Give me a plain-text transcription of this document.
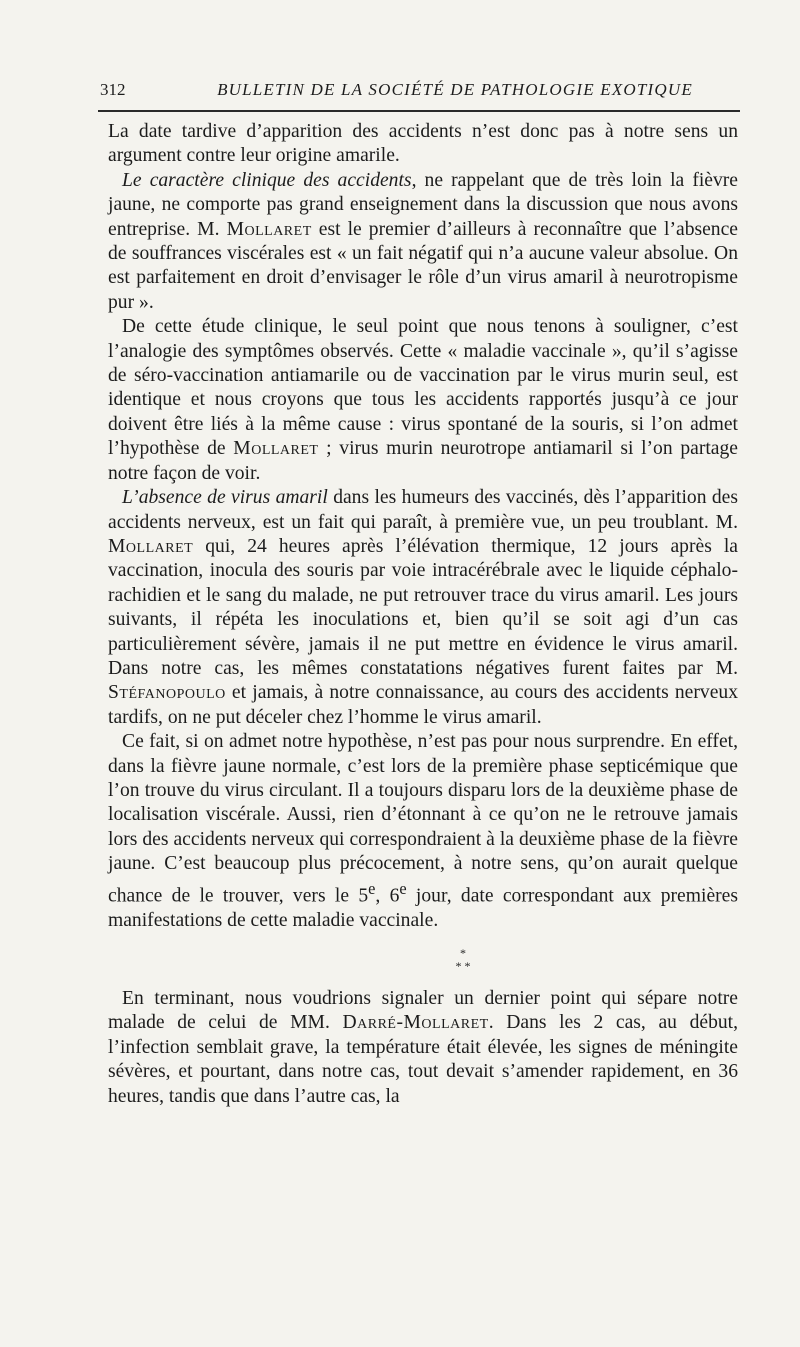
312	BULLETIN DE LA SOCIÉTÉ DE PATHOLOGIE EXOTIQUE

La date tardive d’apparition des accidents n’est donc pas à notre sens un argument contre leur origine amarile.

Le caractère clinique des accidents, ne rappelant que de très loin la fièvre jaune, ne comporte pas grand enseignement dans la discussion que nous avons entreprise. M. Mollaret est le premier d’ailleurs à reconnaître que l’absence de souffrances viscérales est « un fait négatif qui n’a aucune valeur absolue. On est parfaitement en droit d’envisager le rôle d’un virus amaril à neurotropisme pur ».

De cette étude clinique, le seul point que nous tenons à souligner, c’est l’analogie des symptômes observés. Cette « maladie vaccinale », qu’il s’agisse de séro-vaccination antiamarile ou de vaccination par le virus murin seul, est identique et nous croyons que tous les accidents rapportés jusqu’à ce jour doivent être liés à la même cause : virus spontané de la souris, si l’on admet l’hypothèse de Mollaret ; virus murin neurotrope antiamaril si l’on partage notre façon de voir.

L’absence de virus amaril dans les humeurs des vaccinés, dès l’apparition des accidents nerveux, est un fait qui paraît, à première vue, un peu troublant. M. Mollaret qui, 24 heures après l’élévation thermique, 12 jours après la vaccination, inocula des souris par voie intracérébrale avec le liquide céphalo-rachidien et le sang du malade, ne put retrouver trace du virus amaril. Les jours suivants, il répéta les inoculations et, bien qu’il se soit agi d’un cas particulièrement sévère, jamais il ne put mettre en évidence le virus amaril. Dans notre cas, les mêmes constatations négatives furent faites par M. Stéfanopoulo et jamais, à notre connaissance, au cours des accidents nerveux tardifs, on ne put déceler chez l’homme le virus amaril.

Ce fait, si on admet notre hypothèse, n’est pas pour nous surprendre. En effet, dans la fièvre jaune normale, c’est lors de la première phase septicémique que l’on trouve du virus circulant. Il a toujours disparu lors de la deuxième phase de localisation viscérale. Aussi, rien d’étonnant à ce qu’on ne le retrouve jamais lors des accidents nerveux qui correspondraient à la deuxième phase de la fièvre jaune. C’est beaucoup plus précocement, à notre sens, qu’on aurait quelque chance de le trouver, vers le 5e, 6e jour, date correspondant aux premières manifestations de cette maladie vaccinale.

*
* *

En terminant, nous voudrions signaler un dernier point qui sépare notre malade de celui de MM. Darré-Mollaret. Dans les 2 cas, au début, l’infection semblait grave, la température était élevée, les signes de méningite sévères, et pourtant, dans notre cas, tout devait s’amender rapidement, en 36 heures, tandis que dans l’autre cas, la
